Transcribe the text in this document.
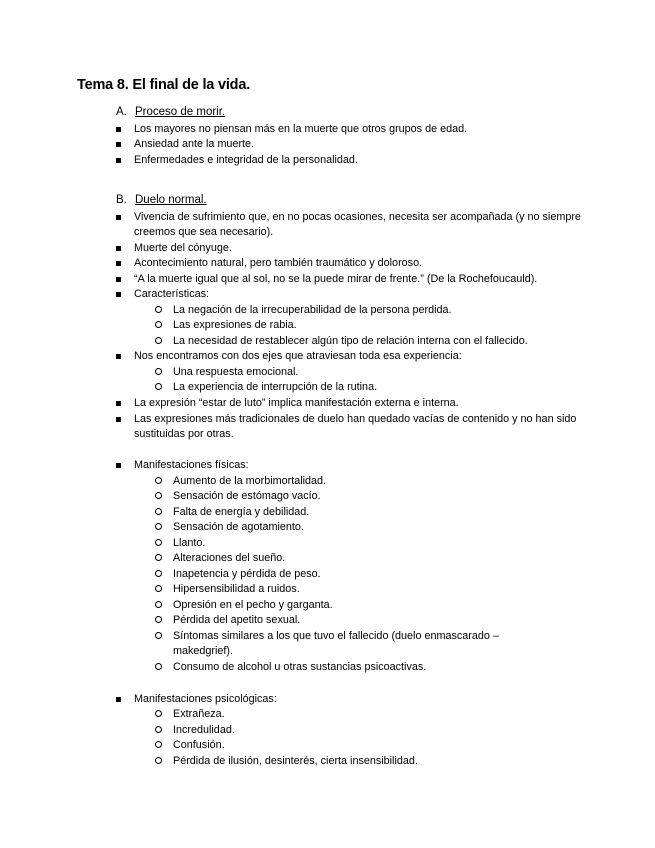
Tema 8. El final de la vida.
A. Proceso de morir.
Los mayores no piensan más en la muerte que otros grupos de edad.
Ansiedad ante la muerte.
Enfermedades e integridad de la personalidad.
B. Duelo normal.
Vivencia de sufrimiento que, en no pocas ocasiones, necesita ser acompañada (y no siempre creemos que sea necesario).
Muerte del cónyuge.
Acontecimiento natural, pero también traumático y doloroso.
“A la muerte igual que al sol, no se la puede mirar de frente.” (De la Rochefoucauld).
Características:
La negación de la irrecuperabilidad de la persona perdida.
Las expresiones de rabia.
La necesidad de restablecer algún tipo de relación interna con el fallecido.
Nos encontramos con dos ejes que atraviesan toda esa experiencia:
Una respuesta emocional.
La experiencia de interrupción de la rutina.
La expresión “estar de luto” implica manifestación externa e interna.
Las expresiones más tradicionales de duelo han quedado vacías de contenido y no han sido sustituidas por otras.
Manifestaciones físicas:
Aumento de la morbimortalidad.
Sensación de estómago vacío.
Falta de energía y debilidad.
Sensación de agotamiento.
Llanto.
Alteraciones del sueño.
Inapetencia y pérdida de peso.
Hipersensibilidad a ruidos.
Opresión en el pecho y garganta.
Pérdida del apetito sexual.
Síntomas similares a los que tuvo el fallecido (duelo enmascarado – makedgrief).
Consumo de alcohol u otras sustancias psicoactivas.
Manifestaciones psicológicas:
Extrañeza.
Incredulidad.
Confusión.
Pérdida de ilusión, desinterés, cierta insensibilidad.
